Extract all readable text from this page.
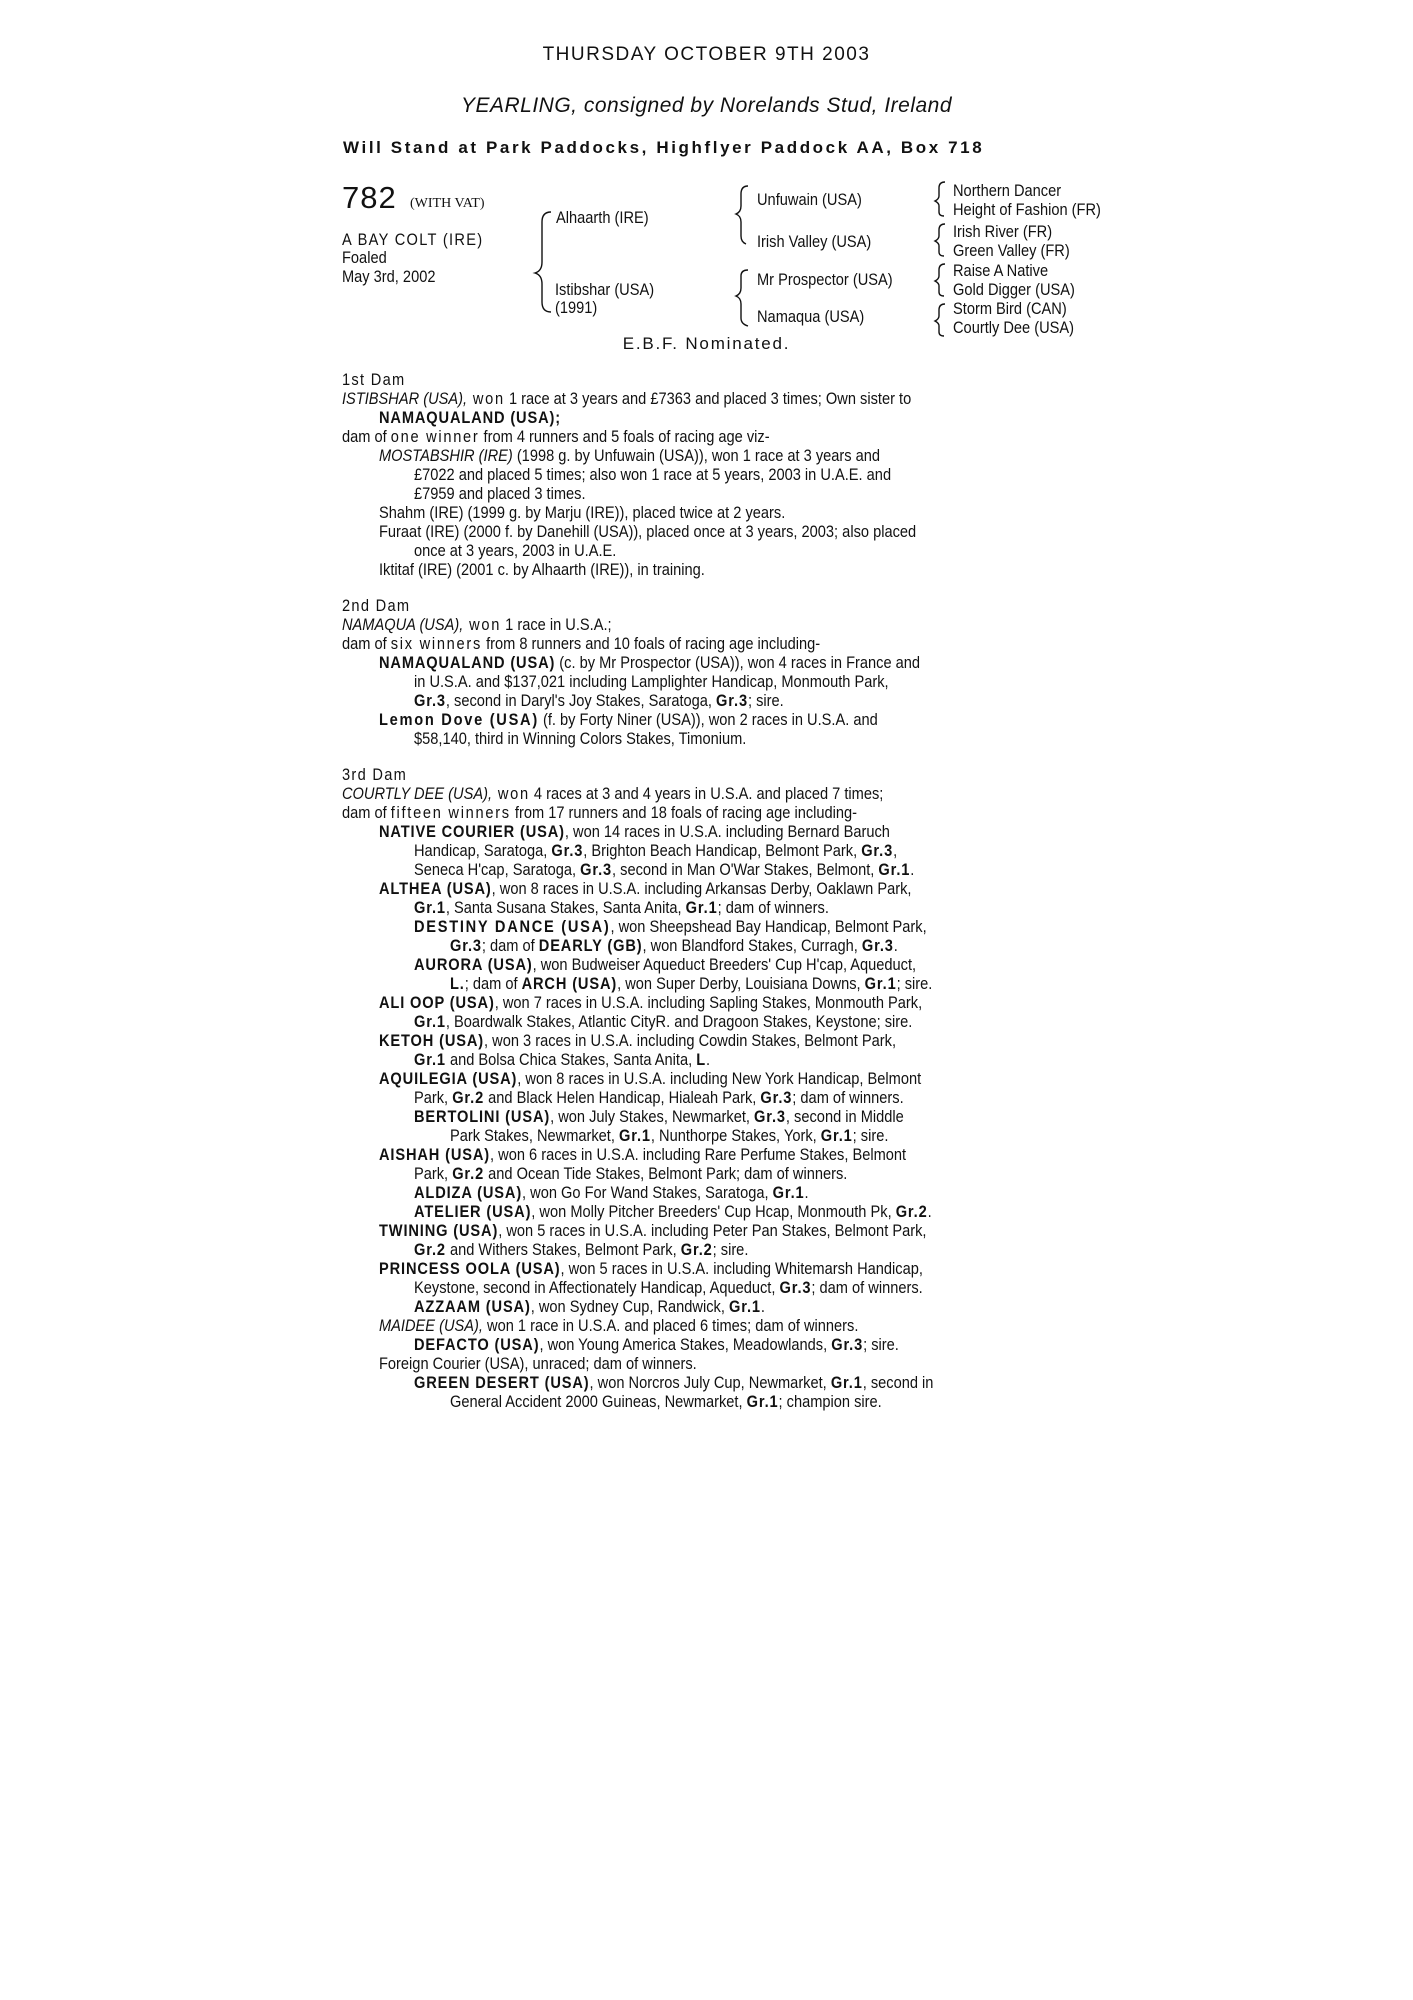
THURSDAY OCTOBER 9TH 2003
YEARLING, consigned by Norelands Stud, Ireland
Will Stand at Park Paddocks, Highflyer Paddock AA, Box 718
782 (WITH VAT)
A BAY COLT (IRE)
Foaled
May 3rd, 2002
Alhaarth (IRE)
Istibshar (USA)
(1991)
Unfuwain (USA)
Irish Valley (USA)
Mr Prospector (USA)
Namaqua (USA)
Northern Dancer
Height of Fashion (FR)
Irish River (FR)
Green Valley (FR)
Raise A Native
Gold Digger (USA)
Storm Bird (CAN)
Courtly Dee (USA)
E.B.F. Nominated.
1st Dam
ISTIBSHAR (USA), won 1 race at 3 years and £7363 and placed 3 times; Own sister to
NAMAQUALAND (USA);
dam of one winner from 4 runners and 5 foals of racing age viz-
MOSTABSHIR (IRE) (1998 g. by Unfuwain (USA)), won 1 race at 3 years and
£7022 and placed 5 times; also won 1 race at 5 years, 2003 in U.A.E. and
£7959 and placed 3 times.
Shahm (IRE) (1999 g. by Marju (IRE)), placed twice at 2 years.
Furaat (IRE) (2000 f. by Danehill (USA)), placed once at 3 years, 2003; also placed
once at 3 years, 2003 in U.A.E.
Iktitaf (IRE) (2001 c. by Alhaarth (IRE)), in training.
2nd Dam
NAMAQUA (USA), won 1 race in U.S.A.;
dam of six winners from 8 runners and 10 foals of racing age including-
NAMAQUALAND (USA) (c. by Mr Prospector (USA)), won 4 races in France and
in U.S.A. and $137,021 including Lamplighter Handicap, Monmouth Park,
Gr.3, second in Daryl's Joy Stakes, Saratoga, Gr.3; sire.
Lemon Dove (USA) (f. by Forty Niner (USA)), won 2 races in U.S.A. and
$58,140, third in Winning Colors Stakes, Timonium.
3rd Dam
COURTLY DEE (USA), won 4 races at 3 and 4 years in U.S.A. and placed 7 times;
dam of fifteen winners from 17 runners and 18 foals of racing age including-
NATIVE COURIER (USA), won 14 races in U.S.A. including Bernard Baruch
Handicap, Saratoga, Gr.3, Brighton Beach Handicap, Belmont Park, Gr.3,
Seneca H'cap, Saratoga, Gr.3, second in Man O'War Stakes, Belmont, Gr.1.
ALTHEA (USA), won 8 races in U.S.A. including Arkansas Derby, Oaklawn Park,
Gr.1, Santa Susana Stakes, Santa Anita, Gr.1; dam of winners.
DESTINY DANCE (USA), won Sheepshead Bay Handicap, Belmont Park,
Gr.3; dam of DEARLY (GB), won Blandford Stakes, Curragh, Gr.3.
AURORA (USA), won Budweiser Aqueduct Breeders' Cup H'cap, Aqueduct,
L.; dam of ARCH (USA), won Super Derby, Louisiana Downs, Gr.1; sire.
ALI OOP (USA), won 7 races in U.S.A. including Sapling Stakes, Monmouth Park,
Gr.1, Boardwalk Stakes, Atlantic CityR. and Dragoon Stakes, Keystone; sire.
KETOH (USA), won 3 races in U.S.A. including Cowdin Stakes, Belmont Park,
Gr.1 and Bolsa Chica Stakes, Santa Anita, L.
AQUILEGIA (USA), won 8 races in U.S.A. including New York Handicap, Belmont
Park, Gr.2 and Black Helen Handicap, Hialeah Park, Gr.3; dam of winners.
BERTOLINI (USA), won July Stakes, Newmarket, Gr.3, second in Middle
Park Stakes, Newmarket, Gr.1, Nunthorpe Stakes, York, Gr.1; sire.
AISHAH (USA), won 6 races in U.S.A. including Rare Perfume Stakes, Belmont
Park, Gr.2 and Ocean Tide Stakes, Belmont Park; dam of winners.
ALDIZA (USA), won Go For Wand Stakes, Saratoga, Gr.1.
ATELIER (USA), won Molly Pitcher Breeders' Cup Hcap, Monmouth Pk, Gr.2.
TWINING (USA), won 5 races in U.S.A. including Peter Pan Stakes, Belmont Park,
Gr.2 and Withers Stakes, Belmont Park, Gr.2; sire.
PRINCESS OOLA (USA), won 5 races in U.S.A. including Whitemarsh Handicap,
Keystone, second in Affectionately Handicap, Aqueduct, Gr.3; dam of winners.
AZZAAM (USA), won Sydney Cup, Randwick, Gr.1.
MAIDEE (USA), won 1 race in U.S.A. and placed 6 times; dam of winners.
DEFACTO (USA), won Young America Stakes, Meadowlands, Gr.3; sire.
Foreign Courier (USA), unraced; dam of winners.
GREEN DESERT (USA), won Norcros July Cup, Newmarket, Gr.1, second in
General Accident 2000 Guineas, Newmarket, Gr.1; champion sire.
